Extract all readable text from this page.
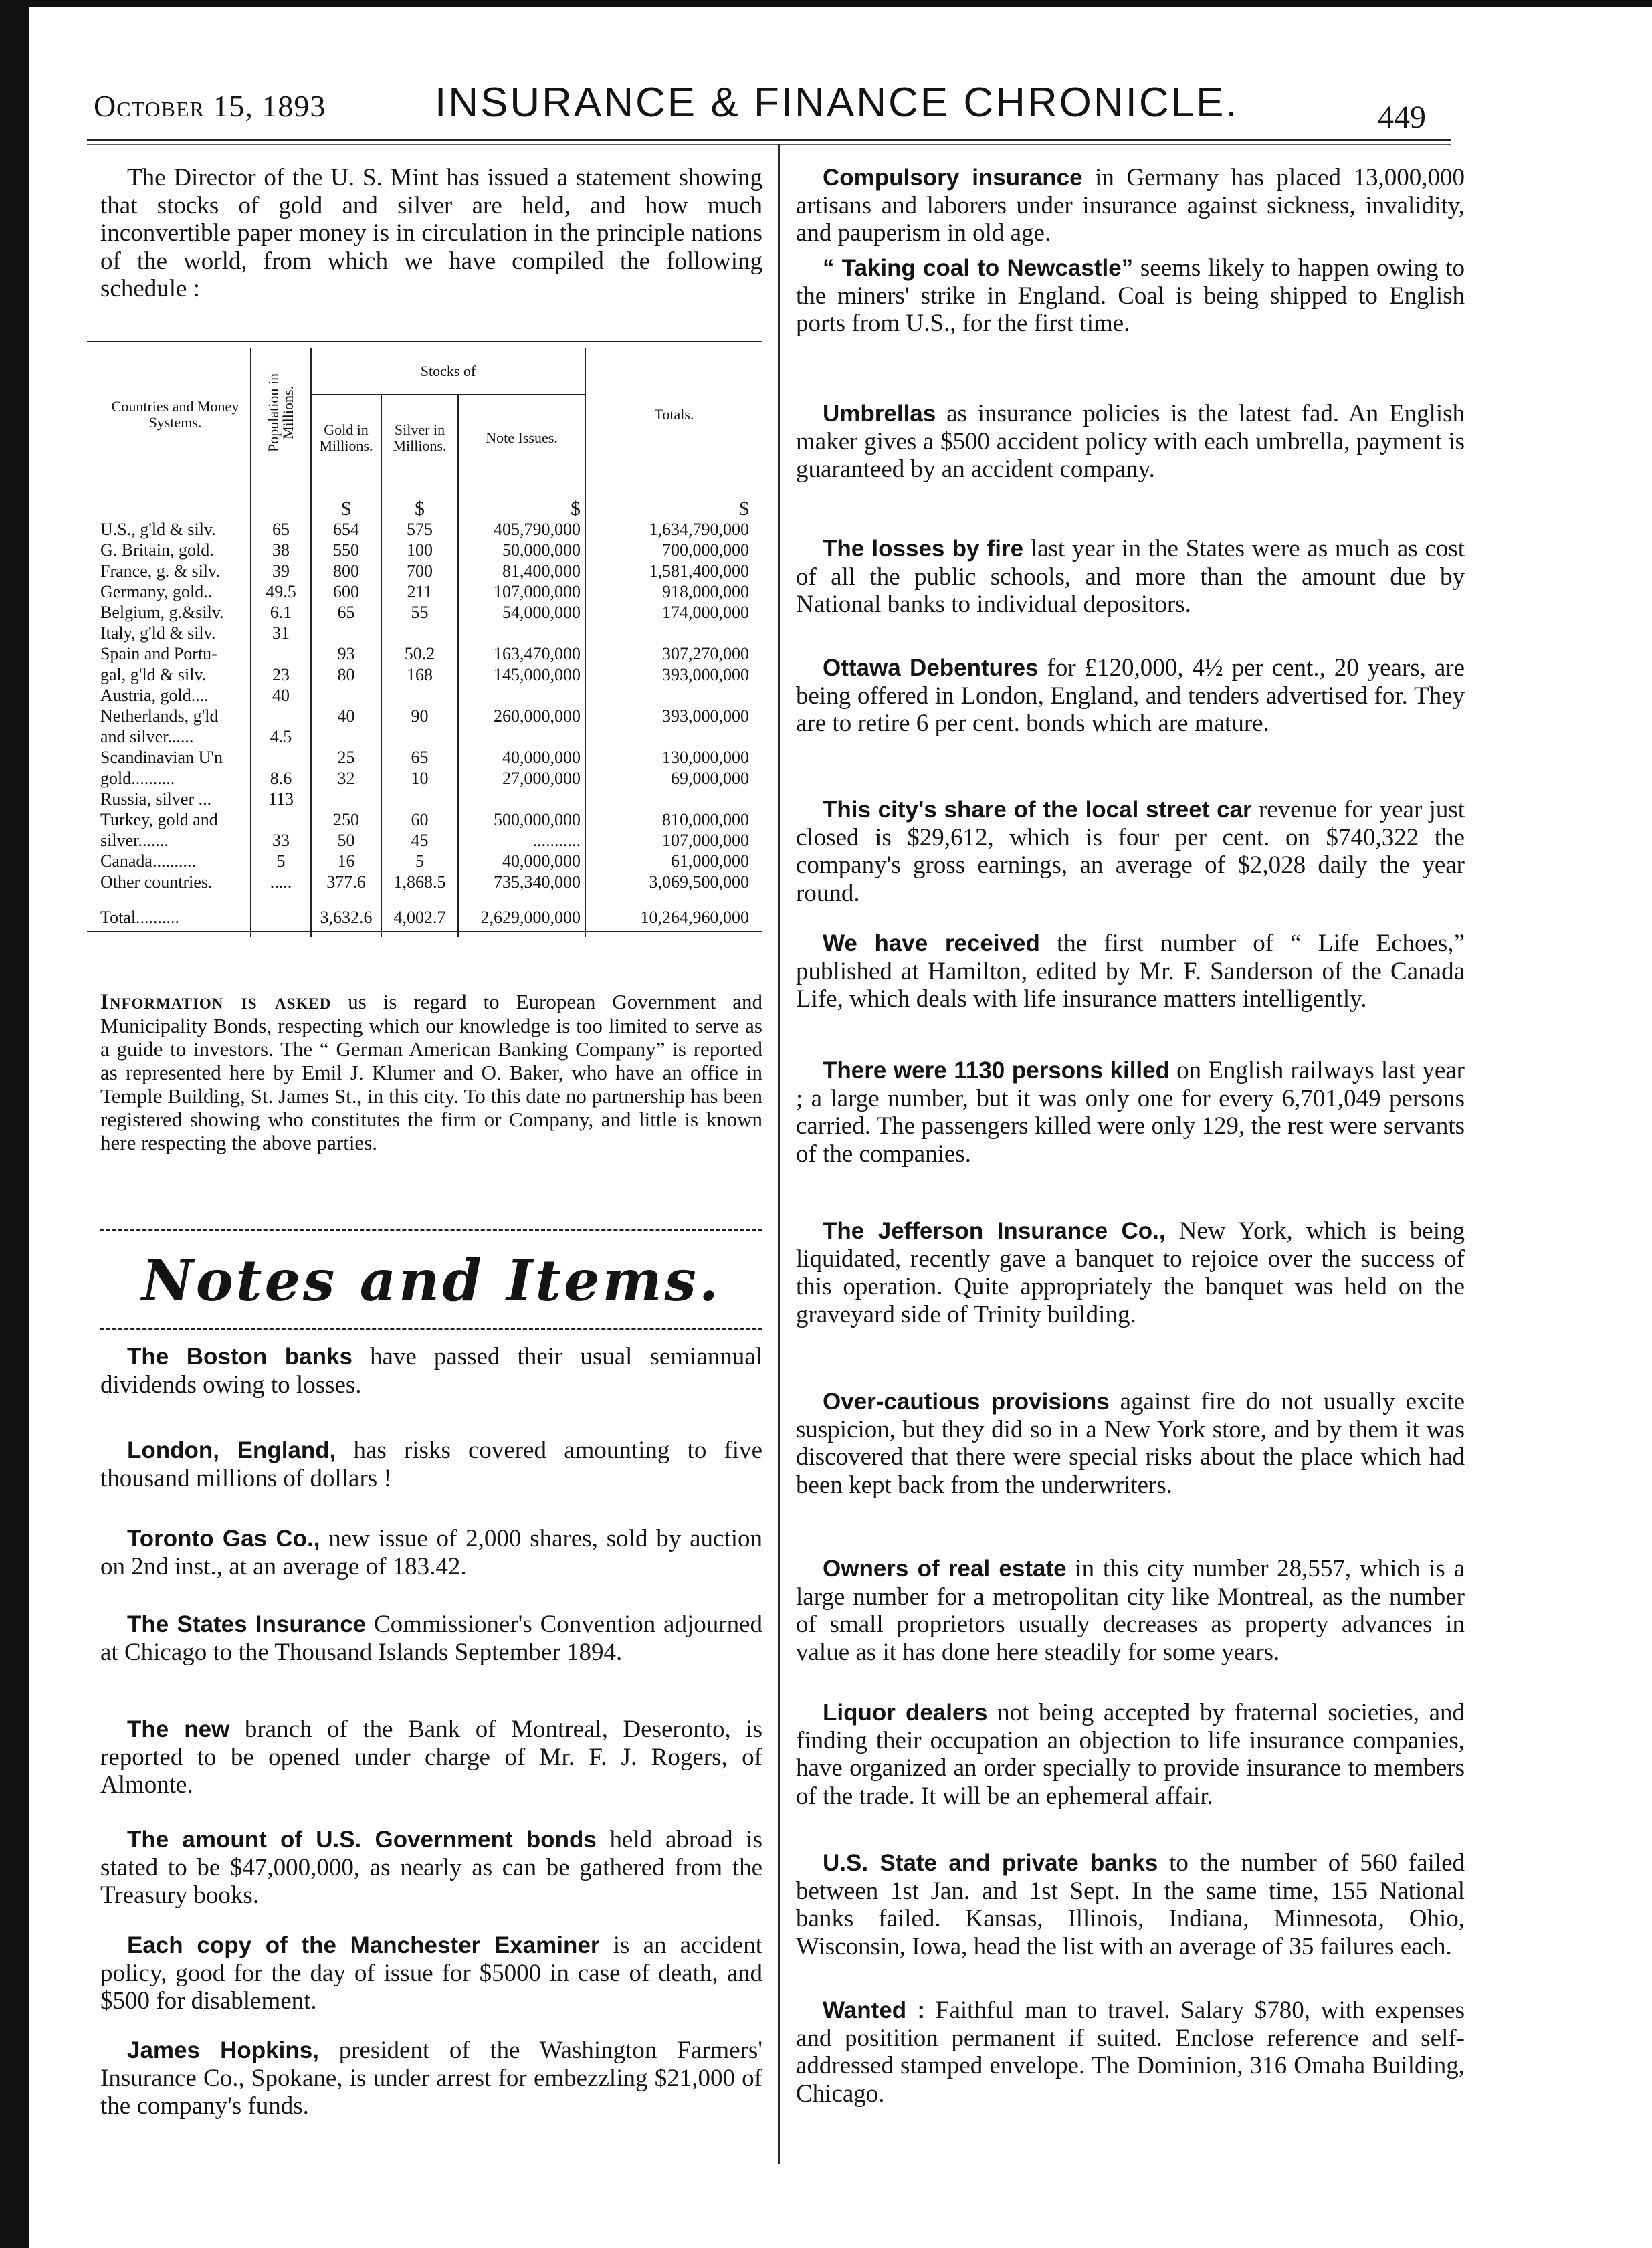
October 15, 1893	INSURANCE & FINANCE CHRONICLE.	449

The Director of the U. S. Mint has issued a statement showing that stocks of gold and silver are held, and how much inconvertible paper money is in circulation in the principle nations of the world, from which we have compiled the following schedule :

Countries and Money Systems.	Population in Millions.	Stocks of			Totals.
		Gold in Millions.	Silver in Millions.	Note Issues.	
		$	$	$	$
U.S., g'ld & silv.	65	654	575	405,790,000	1,634,790,000
G. Britain, gold.	38	550	100	50,000,000	700,000,000
France, g. & silv.	39	800	700	81,400,000	1,581,400,000
Germany, gold..	49.5	600	211	107,000,000	918,000,000
Belgium, g.&silv.	6.1	65	55	54,000,000	174,000,000
Italy, g'ld & silv.	31				
Spain and Portu-		93	50.2	163,470,000	307,270,000
gal, g'ld & silv.	23	80	168	145,000,000	393,000,000
Austria, gold....	40				
Netherlands, g'ld		40	90	260,000,000	393,000,000
and silver......	4.5				
Scandinavian U'n		25	65	40,000,000	130,000,000
gold..........	8.6	32	10	27,000,000	69,000,000
Russia, silver ...	113				
Turkey, gold and		250	60	500,000,000	810,000,000
silver.......	33	50	45	...........	107,000,000
Canada..........	5	16	5	40,000,000	61,000,000
Other countries.	.....	377.6	1,868.5	735,340,000	3,069,500,000
Total..........		3,632.6	4,002.7	2,629,000,000	10,264,960,000

Information is asked us is regard to European Government and Municipality Bonds, respecting which our knowledge is too limited to serve as a guide to investors. The “ German American Banking Company” is reported as represented here by Emil J. Klumer and O. Baker, who have an office in Temple Building, St. James St., in this city. To this date no partnership has been registered showing who constitutes the firm or Company, and little is known here respecting the above parties.

Notes and Items.

The Boston banks have passed their usual semiannual dividends owing to losses.

London, England, has risks covered amounting to five thousand millions of dollars !

Toronto Gas Co., new issue of 2,000 shares, sold by auction on 2nd inst., at an average of 183.42.

The States Insurance Commissioner's Convention adjourned at Chicago to the Thousand Islands September 1894.

The new branch of the Bank of Montreal, Deseronto, is reported to be opened under charge of Mr. F. J. Rogers, of Almonte.

The amount of U.S. Government bonds held abroad is stated to be $47,000,000, as nearly as can be gathered from the Treasury books.

Each copy of the Manchester Examiner is an accident policy, good for the day of issue for $5000 in case of death, and $500 for disablement.

James Hopkins, president of the Washington Farmers' Insurance Co., Spokane, is under arrest for embezzling $21,000 of the company's funds.

Compulsory insurance in Germany has placed 13,000,000 artisans and laborers under insurance against sickness, invalidity, and pauperism in old age.

“ Taking coal to Newcastle” seems likely to happen owing to the miners' strike in England. Coal is being shipped to English ports from U.S., for the first time.

Umbrellas as insurance policies is the latest fad. An English maker gives a $500 accident policy with each umbrella, payment is guaranteed by an accident company.

The losses by fire last year in the States were as much as cost of all the public schools, and more than the amount due by National banks to individual depositors.

Ottawa Debentures for £120,000, 4½ per cent., 20 years, are being offered in London, England, and tenders advertised for. They are to retire 6 per cent. bonds which are mature.

This city's share of the local street car revenue for year just closed is $29,612, which is four per cent. on $740,322 the company's gross earnings, an average of $2,028 daily the year round.

We have received the first number of “ Life Echoes,” published at Hamilton, edited by Mr. F. Sanderson of the Canada Life, which deals with life insurance matters intelligently.

There were 1130 persons killed on English railways last year ; a large number, but it was only one for every 6,701,049 persons carried. The passengers killed were only 129, the rest were servants of the companies.

The Jefferson Insurance Co., New York, which is being liquidated, recently gave a banquet to rejoice over the success of this operation. Quite appropriately the banquet was held on the graveyard side of Trinity building.

Over-cautious provisions against fire do not usually excite suspicion, but they did so in a New York store, and by them it was discovered that there were special risks about the place which had been kept back from the underwriters.

Owners of real estate in this city number 28,557, which is a large number for a metropolitan city like Montreal, as the number of small proprietors usually decreases as property advances in value as it has done here steadily for some years.

Liquor dealers not being accepted by fraternal societies, and finding their occupation an objection to life insurance companies, have organized an order specially to provide insurance to members of the trade. It will be an ephemeral affair.

U.S. State and private banks to the number of 560 failed between 1st Jan. and 1st Sept. In the same time, 155 National banks failed. Kansas, Illinois, Indiana, Minnesota, Ohio, Wisconsin, Iowa, head the list with an average of 35 failures each.

Wanted : Faithful man to travel. Salary $780, with expenses and positition permanent if suited. Enclose reference and self-addressed stamped envelope. The Dominion, 316 Omaha Building, Chicago.
